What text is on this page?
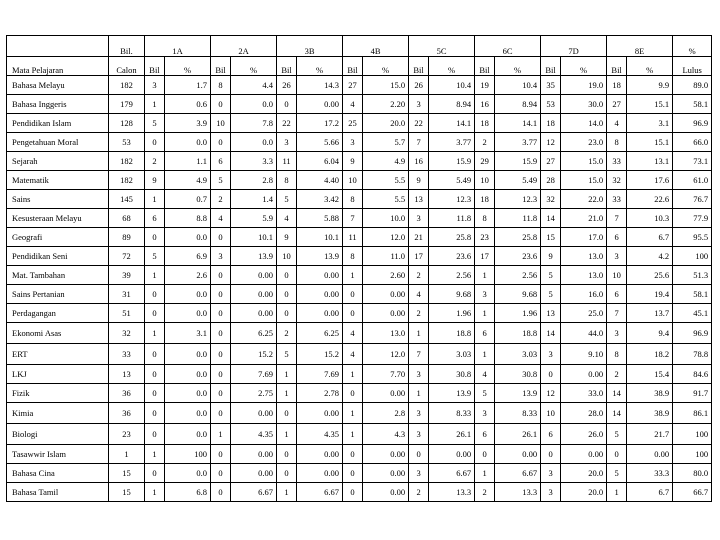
	Bil.	1A		2A		3B		4B		5C		6C		7D		8E		%
Mata Pelajaran	Calon	Bil	%	Bil	%	Bil	%	Bil	%	Bil	%	Bil	%	Bil	%	Bil	%	Lulus
Bahasa Melayu	182	3	1.7	8	4.4	26	14.3	27	15.0	26	10.4	19	10.4	35	19.0	18	9.9	89.0
Bahasa Inggeris	179	1	0.6	0	0.0	0	0.00	4	2.20	3	8.94	16	8.94	53	30.0	27	15.1	58.1
Pendidikan Islam	128	5	3.9	10	7.8	22	17.2	25	20.0	22	14.1	18	14.1	18	14.0	4	3.1	96.9
Pengetahuan Moral	53	0	0.0	0	0.0	3	5.66	3	5.7	7	3.77	2	3.77	12	23.0	8	15.1	66.0
Sejarah	182	2	1.1	6	3.3	11	6.04	9	4.9	16	15.9	29	15.9	27	15.0	33	13.1	73.1
Matematik	182	9	4.9	5	2.8	8	4.40	10	5.5	9	5.49	10	5.49	28	15.0	32	17.6	61.0
Sains	145	1	0.7	2	1.4	5	3.42	8	5.5	13	12.3	18	12.3	32	22.0	33	22.6	76.7
Kesusteraan Melayu	68	6	8.8	4	5.9	4	5.88	7	10.0	3	11.8	8	11.8	14	21.0	7	10.3	77.9
Geografi	89	0	0.0	0	10.1	9	10.1	11	12.0	21	25.8	23	25.8	15	17.0	6	6.7	95.5
Pendidikan Seni	72	5	6.9	3	13.9	10	13.9	8	11.0	17	23.6	17	23.6	9	13.0	3	4.2	100
Mat. Tambahan	39	1	2.6	0	0.00	0	0.00	1	2.60	2	2.56	1	2.56	5	13.0	10	25.6	51.3
Sains Pertanian	31	0	0.0	0	0.00	0	0.00	0	0.00	4	9.68	3	9.68	5	16.0	6	19.4	58.1
Perdagangan	51	0	0.0	0	0.00	0	0.00	0	0.00	2	1.96	1	1.96	13	25.0	7	13.7	45.1
Ekonomi Asas	32	1	3.1	0	6.25	2	6.25	4	13.0	1	18.8	6	18.8	14	44.0	3	9.4	96.9
ERT	33	0	0.0	0	15.2	5	15.2	4	12.0	7	3.03	1	3.03	3	9.10	8	18.2	78.8
LKJ	13	0	0.0	0	7.69	1	7.69	1	7.70	3	30.8	4	30.8	0	0.00	2	15.4	84.6
Fizik	36	0	0.0	0	2.75	1	2.78	0	0.00	1	13.9	5	13.9	12	33.0	14	38.9	91.7
Kimia	36	0	0.0	0	0.00	0	0.00	1	2.8	3	8.33	3	8.33	10	28.0	14	38.9	86.1
Biologi	23	0	0.0	1	4.35	1	4.35	1	4.3	3	26.1	6	26.1	6	26.0	5	21.7	100
Tasawwir Islam	1	1	100	0	0.00	0	0.00	0	0.00	0	0.00	0	0.00	0	0.00	0	0.00	100
Bahasa Cina	15	0	0.0	0	0.00	0	0.00	0	0.00	3	6.67	1	6.67	3	20.0	5	33.3	80.0
Bahasa Tamil	15	1	6.8	0	6.67	1	6.67	0	0.00	2	13.3	2	13.3	3	20.0	1	6.7	66.7
